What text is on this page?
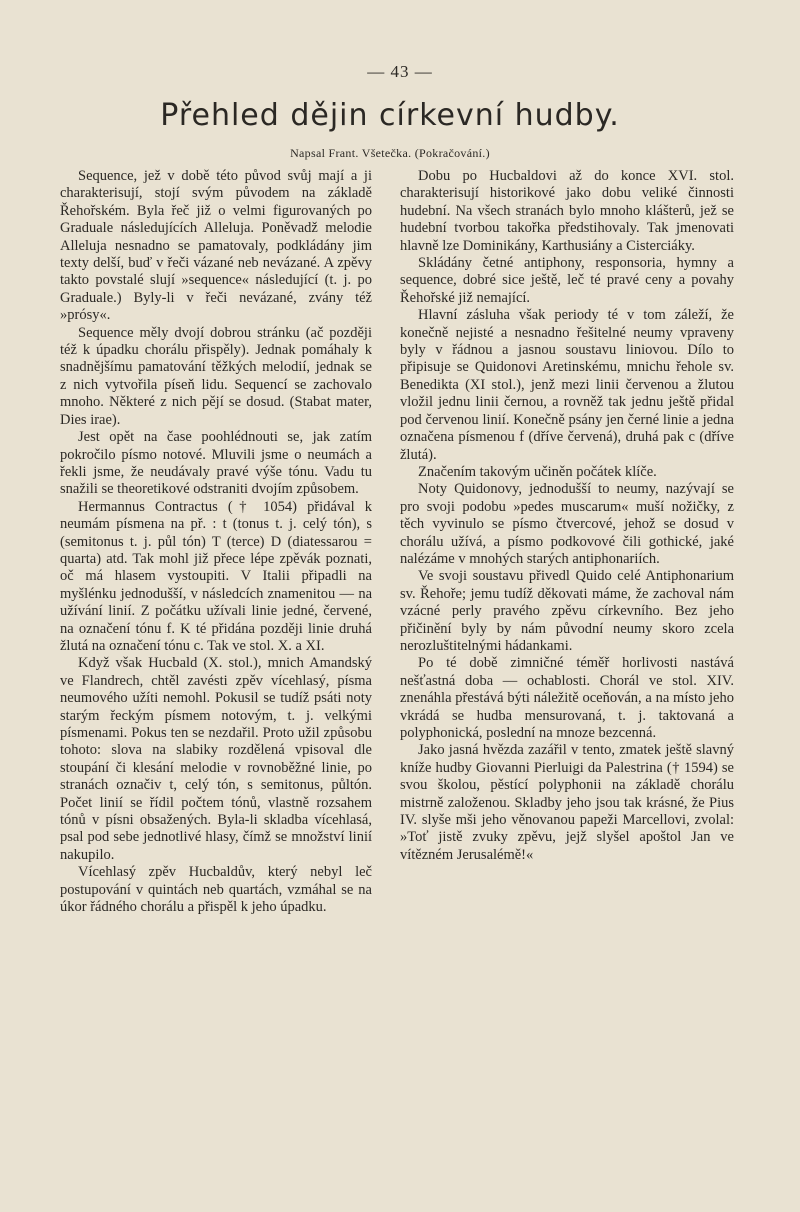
— 43 —
Přehled dějin církevní hudby.
Napsal Frant. Všetečka. (Pokračování.)

Sequence, jež v době této původ svůj mají a ji charakterisují, stojí svým původem na základě Řehořském. Byla řeč již o velmi figurovaných po Graduale následujících Alleluja. Poněvadž melodie Alleluja nesnadno se pamatovaly, podkládány jim texty delší, buď v řeči vázané neb nevázané. A zpěvy takto povstalé slují »sequence« následující (t. j. po Graduale.) Byly-li v řeči nevázané, zvány též »prósy«.

Sequence měly dvojí dobrou stránku (ač později též k úpadku chorálu přispěly). Jednak pomáhaly k snadnějšímu pamatování těžkých melodií, jednak se z nich vytvořila píseň lidu. Sequencí se zachovalo mnoho. Některé z nich pějí se dosud. (Stabat mater, Dies irae).

Jest opět na čase poohlédnouti se, jak zatím pokročilo písmo notové. Mluvili jsme o neumách a řekli jsme, že neudávaly pravé výše tónu. Vadu tu snažili se theoretikové odstraniti dvojím způsobem.

Hermannus Contractus († 1054) přidával k neumám písmena na př. : t (tonus t. j. celý tón), s (semitonus t. j. půl tón) T (terce) D (diatessarou = quarta) atd. Tak mohl již přece lépe zpěvák poznati, oč má hlasem vystoupiti. V Italii připadli na myšlénku jednodušší, v následcích znamenitou — na užívání linií. Z počátku užívali linie jedné, červené, na označení tónu f. K té přidána později linie druhá žlutá na označení tónu c. Tak ve stol. X. a XI.

Když však Hucbald (X. stol.), mnich Amandský ve Flandrech, chtěl zavésti zpěv vícehlasý, písma neumového užíti nemohl. Pokusil se tudíž psáti noty starým řeckým písmem notovým, t. j. velkými písmenami. Pokus ten se nezdařil. Proto užil způsobu tohoto: slova na slabiky rozdělená vpisoval dle stoupání či klesání melodie v rovnoběžné linie, po stranách označiv t, celý tón, s semitonus, půltón. Počet linií se řídil počtem tónů, vlastně rozsahem tónů v písni obsažených. Byla-li skladba vícehlasá, psal pod sebe jednotlivé hlasy, čímž se množství linií nakupilo.

Vícehlasý zpěv Hucbaldův, který nebyl leč postupování v quintách neb quartách, vzmáhal se na úkor řádného chorálu a přispěl k jeho úpadku.

Dobu po Hucbaldovi až do konce XVI. stol. charakterisují historikové jako dobu veliké činnosti hudební. Na všech stranách bylo mnoho klášterů, jež se hudební tvorbou takořka předstihovaly. Tak jmenovati hlavně lze Dominikány, Karthusiány a Cisterciáky.

Skládány četné antiphony, responsoria, hymny a sequence, dobré sice ještě, leč té pravé ceny a povahy Řehořské již nemající.

Hlavní zásluha však periody té v tom záleží, že konečně nejisté a nesnadno řešitelné neumy vpraveny byly v řádnou a jasnou soustavu liniovou. Dílo to připisuje se Quidonovi Aretinskému, mnichu řeholе sv. Benedikta (XI stol.), jenž mezi linii červenou a žlutou vložil jednu linii černou, a rovněž tak jednu ještě přidal pod červenou linií. Konečně psány jen černé linie a jedna označena písmenou f (dříve červená), druhá pak c (dříve žlutá).

Značením takovým učiněn počátek klíče.

Noty Quidonovy, jednodušší to neumy, nazývají se pro svoji podobu »pedes muscarum« muší nožičky, z těch vyvinulo se písmo čtvercové, jehož se dosud v chorálu užívá, a písmo podkovové čili gothické, jaké nalézáme v mnohých starých antiphonariích.

Ve svoji soustavu přivedl Quido celé Antiphonarium sv. Řehoře; jemu tudíž děkovati máme, že zachoval nám vzácné perly pravého zpěvu církevního. Bez jeho přičinění byly by nám původní neumy skoro zcela nerozluštitelnými hádankami.

Po té době zimničné téměř horlivosti nastává nešťastná doba — ochablosti. Chorál ve stol. XIV. znenáhla přestává býti náležitě oceňován, a na místo jeho vkrádá se hudba mensurovaná, t. j. taktovaná a polyphonická, poslední na mnoze bezcenná.

Jako jasná hvězda zazářil v tento, zmatek ještě slavný kníže hudby Giovanni Pierluigi da Palestrina († 1594) se svou školou, pěstící polyphonii na základě chorálu mistrně založenou. Skladby jeho jsou tak krásné, že Pius IV. slyše mši jeho věnovanou papeži Marcellovi, zvolal: »Toť jistě zvuky zpěvu, jejž slyšel apoštol Jan ve vítězném Jerusalémě!«
